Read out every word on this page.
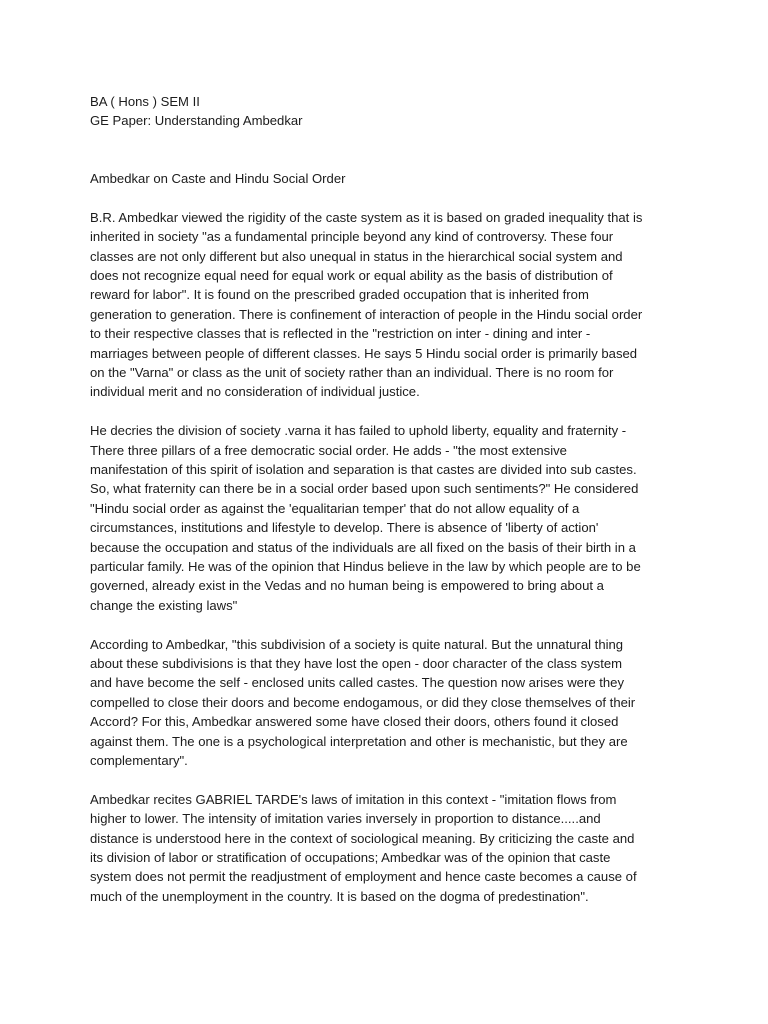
BA ( Hons ) SEM II
GE Paper: Understanding Ambedkar
Ambedkar on Caste and Hindu Social Order

B.R. Ambedkar viewed the rigidity of the caste system as it is based on graded inequality that is
inherited in society "as a fundamental principle beyond any kind of controversy. These four
classes are not only different but also unequal in status in the hierarchical social system and
does not recognize equal need for equal work or equal ability as the basis of distribution of
reward for labor". It is found on the prescribed graded occupation that is inherited from
generation to generation. There is confinement of interaction of people in the Hindu social order
to their respective classes that is reflected in the "restriction on inter - dining and inter -
marriages between people of different classes. He says 5 Hindu social order is primarily based
on the "Varna" or class as the unit of society rather than an individual. There is no room for
individual merit and no consideration of individual justice.

He decries the division of society .varna it has failed to uphold liberty, equality and fraternity -
There three pillars of a free democratic social order. He adds - "the most extensive
manifestation of this spirit of isolation and separation is that castes are divided into sub castes.
So, what fraternity can there be in a social order based upon such sentiments?" He considered
"Hindu social order as against the 'equalitarian temper' that do not allow equality of a
circumstances, institutions and lifestyle to develop. There is absence of 'liberty of action'
because the occupation and status of the individuals are all fixed on the basis of their birth in a
particular family. He was of the opinion that Hindus believe in the law by which people are to be
governed, already exist in the Vedas and no human being is empowered to bring about a
change the existing laws"

According to Ambedkar, "this subdivision of a society is quite natural. But the unnatural thing
about these subdivisions is that they have lost the open - door character of the class system
and have become the self - enclosed units called castes. The question now arises were they
compelled to close their doors and become endogamous, or did they close themselves of their
Accord? For this, Ambedkar answered some have closed their doors, others found it closed
against them. The one is a psychological interpretation and other is mechanistic, but they are
complementary".

Ambedkar recites GABRIEL TARDE's laws of imitation in this context - "imitation flows from
higher to lower. The intensity of imitation varies inversely in proportion to distance.....and
distance is understood here in the context of sociological meaning. By criticizing the caste and
its division of labor or stratification of occupations; Ambedkar was of the opinion that caste
system does not permit the readjustment of employment and hence caste becomes a cause of
much of the unemployment in the country. It is based on the dogma of predestination".
